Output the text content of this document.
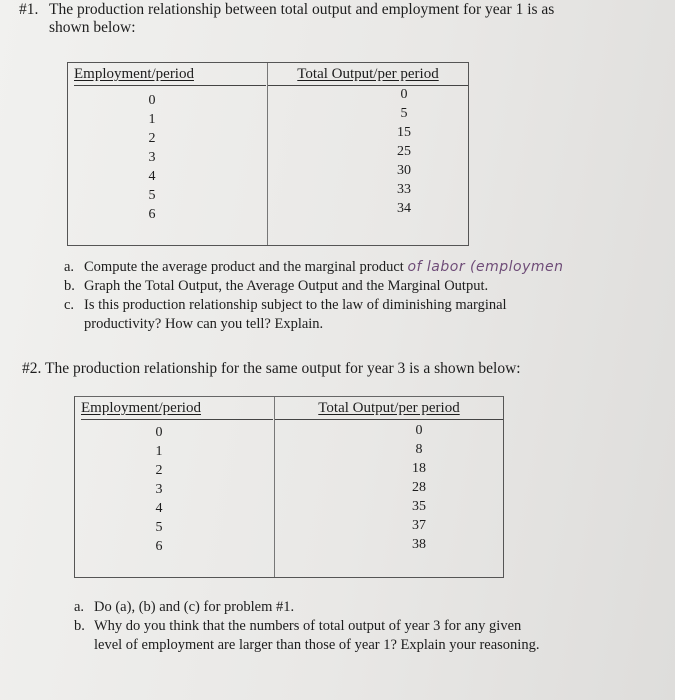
#1. The production relationship between total output and employment for year 1 is as
shown below:
Employment/period	Total Output/per period
0
1
2
3
4
5
6
0
5
15
25
30
33
34
a. Compute the average product and the marginal product of labor (employmen
b. Graph the Total Output, the Average Output and the Marginal Output.
c. Is this production relationship subject to the law of diminishing marginal
productivity? How can you tell? Explain.
#2. The production relationship for the same output for year 3 is a shown below:
Employment/period	Total Output/per period
0
1
2
3
4
5
6
0
8
18
28
35
37
38
a. Do (a), (b) and (c) for problem #1.
b. Why do you think that the numbers of total output of year 3 for any given
level of employment are larger than those of year 1? Explain your reasoning.
